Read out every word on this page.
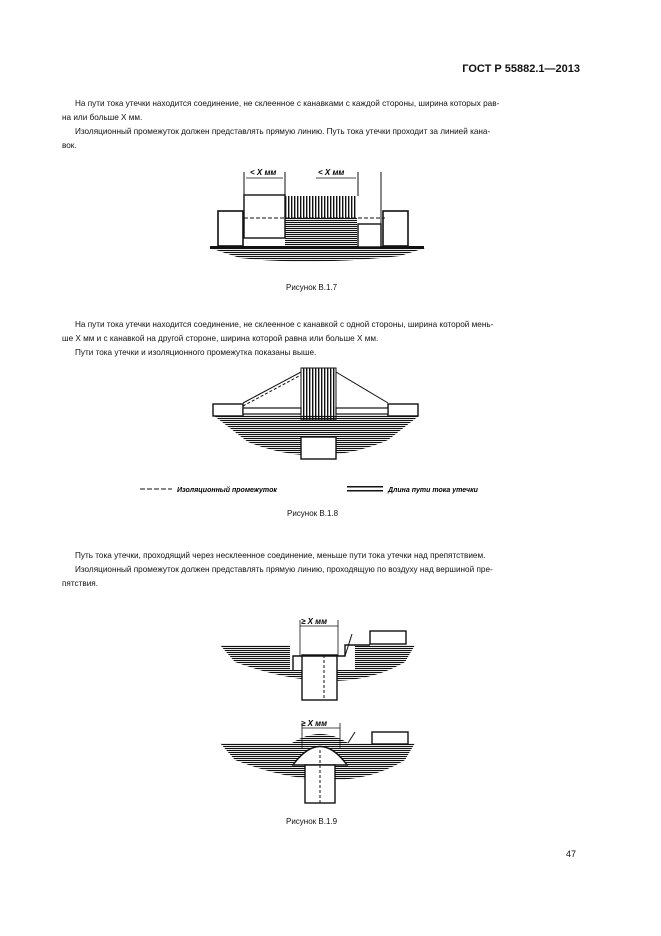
ГОСТ Р 55882.1—2013

На пути тока утечки находится соединение, не склеенное с канавками с каждой стороны, ширина которых рав-

на или больше X мм.

Изоляционный промежуток должен представлять прямую линию. Путь тока утечки проходит за линией кана-

вок.

< X мм	< X мм
Изоляционный промежуток	Длина пути тока утечки
≥ X мм
≥ X мм
Рисунок В.1.7

На пути тока утечки находится соединение, не склеенное с канавкой с одной стороны, ширина которой мень-

ше X мм и с канавкой на другой стороне, ширина которой равна или больше X мм.

Пути тока утечки и изоляционного промежутка показаны выше.

Рисунок В.1.8

Путь тока утечки, проходящий через несклеенное соединение, меньше пути тока утечки над препятствием.

Изоляционный промежуток должен представлять прямую линию, проходящую по воздуху над вершиной пре-

пятствия.

Рисунок В.1.9
47
